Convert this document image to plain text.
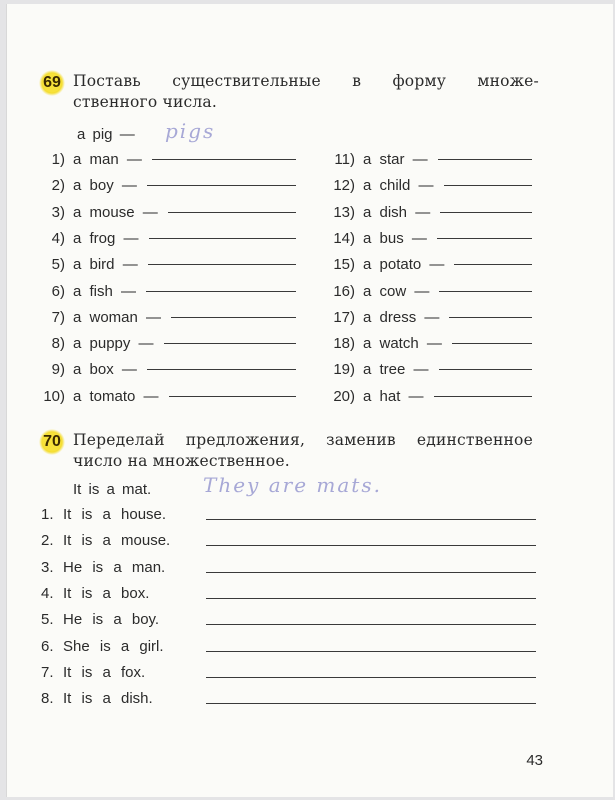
69 Поставь существительные в форму множе-
ственного числа.
a pig — pigs
1) a man —
2) a boy —
3) a mouse —
4) a frog —
5) a bird —
6) a fish —
7) a woman —
8) a puppy —
9) a box —
10) a tomato —
11) a star —
12) a child —
13) a dish —
14) a bus —
15) a potato —
16) a cow —
17) a dress —
18) a watch —
19) a tree —
20) a hat —
70 Переделай предложения, заменив единственное
число на множественное.
It is a mat.	They are mats.
1. It is a house.
2. It is a mouse.
3. He is a man.
4. It is a box.
5. He is a boy.
6. She is a girl.
7. It is a fox.
8. It is a dish.
43
